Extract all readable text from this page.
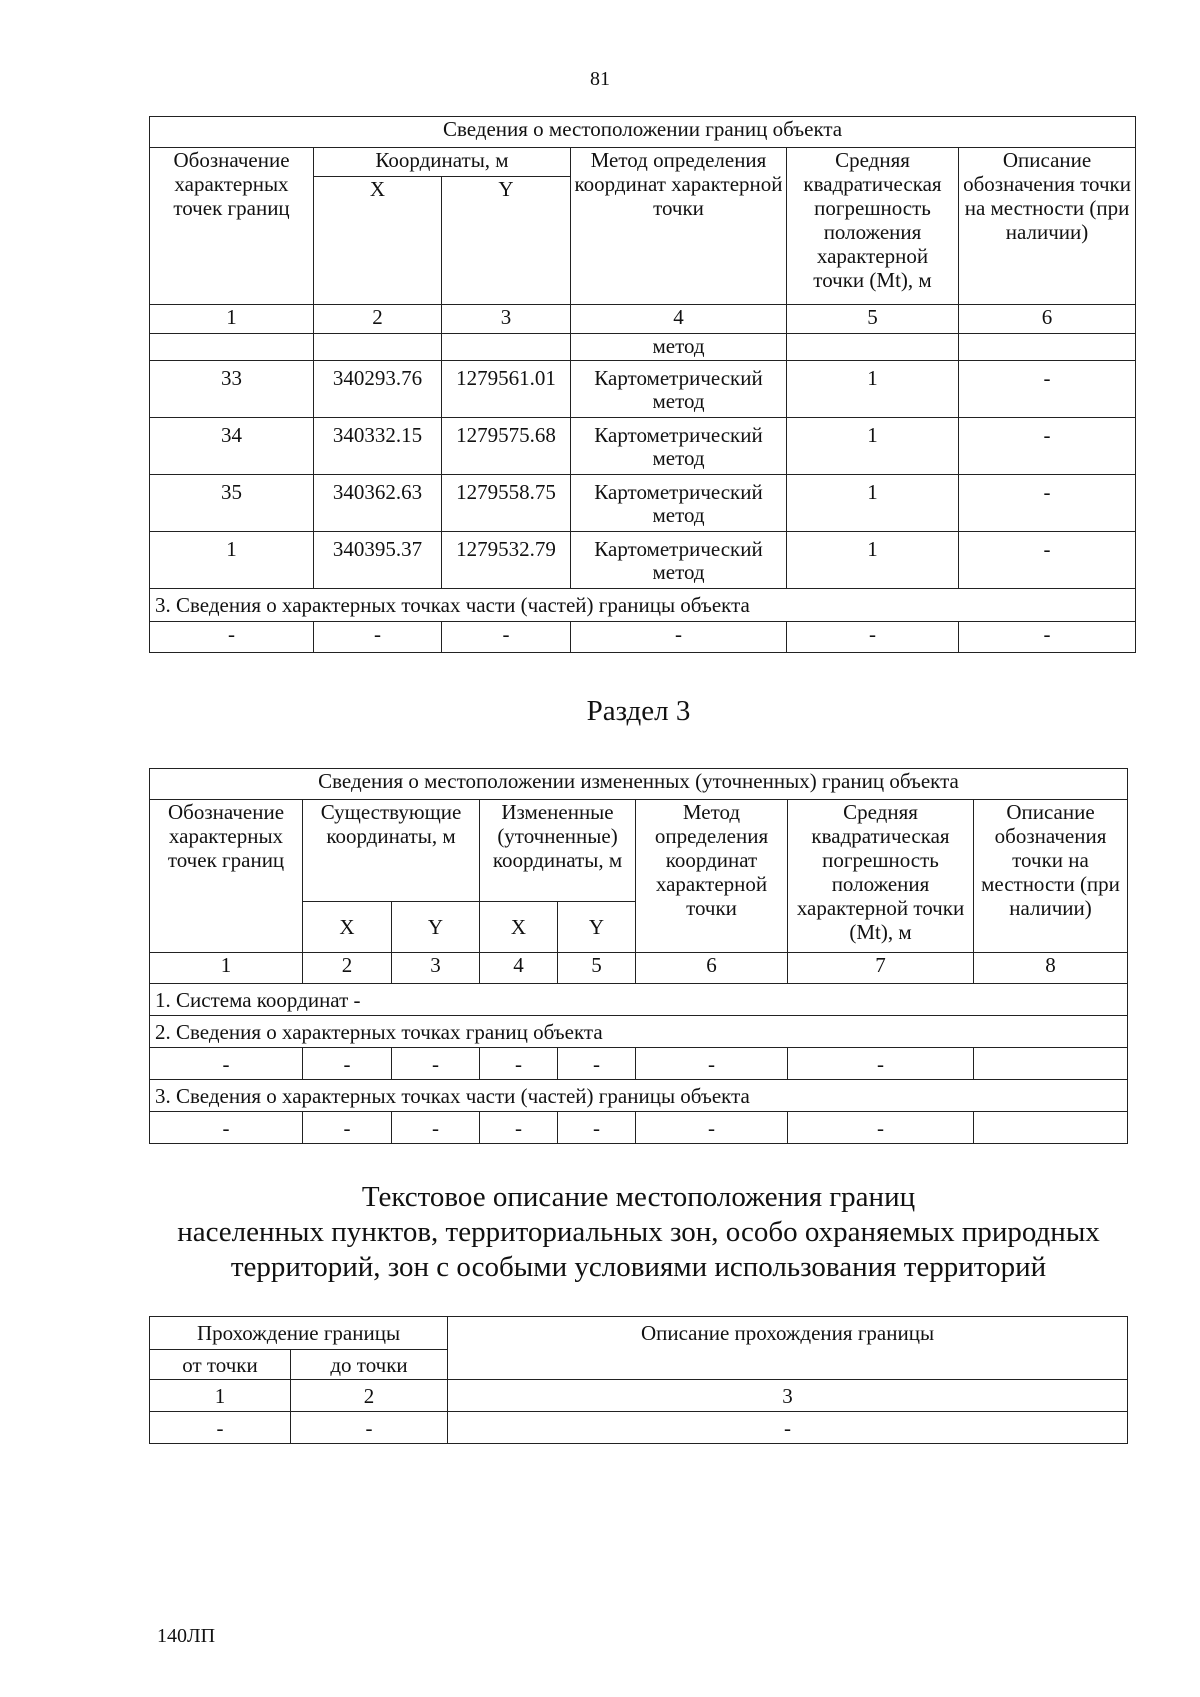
81
Сведения о местоположении границ объекта					
Обозначение характерных точек границ	Координаты, м		Метод определения координат характерной точки	Средняя квадратическая погрешность положения характерной точки (Mt), м	Описание обозначения точки на местности (при наличии)
	X	Y			
1	2	3	4	5	6
			метод		
33	340293.76	1279561.01	Картометрический метод	1	-
34	340332.15	1279575.68	Картометрический метод	1	-
35	340362.63	1279558.75	Картометрический метод	1	-
1	340395.37	1279532.79	Картометрический метод	1	-
3. Сведения о характерных точках части (частей) границы объекта					
-	-	-	-	-	-
Раздел 3
Сведения о местоположении измененных (уточненных) границ объекта							
Обозначение характерных точек границ	Существующие координаты, м		Измененные (уточненные) координаты, м		Метод определения координат характерной точки	Средняя квадратическая погрешность положения характерной точки (Mt), м	Описание обозначения точки на местности (при наличии)
	X	Y	X	Y			
1	2	3	4	5	6	7	8
1. Система координат -							
2. Сведения о характерных точках границ объекта							
-	-	-	-	-	-	-	
3. Сведения о характерных точках части (частей) границы объекта							
-	-	-	-	-	-	-	
Текстовое описание местоположения границ
населенных пунктов, территориальных зон, особо охраняемых природных
территорий, зон с особыми условиями использования территорий
Прохождение границы		Описание прохождения границы
от точки	до точки	
1	2	3
-	-	-
140ЛП
